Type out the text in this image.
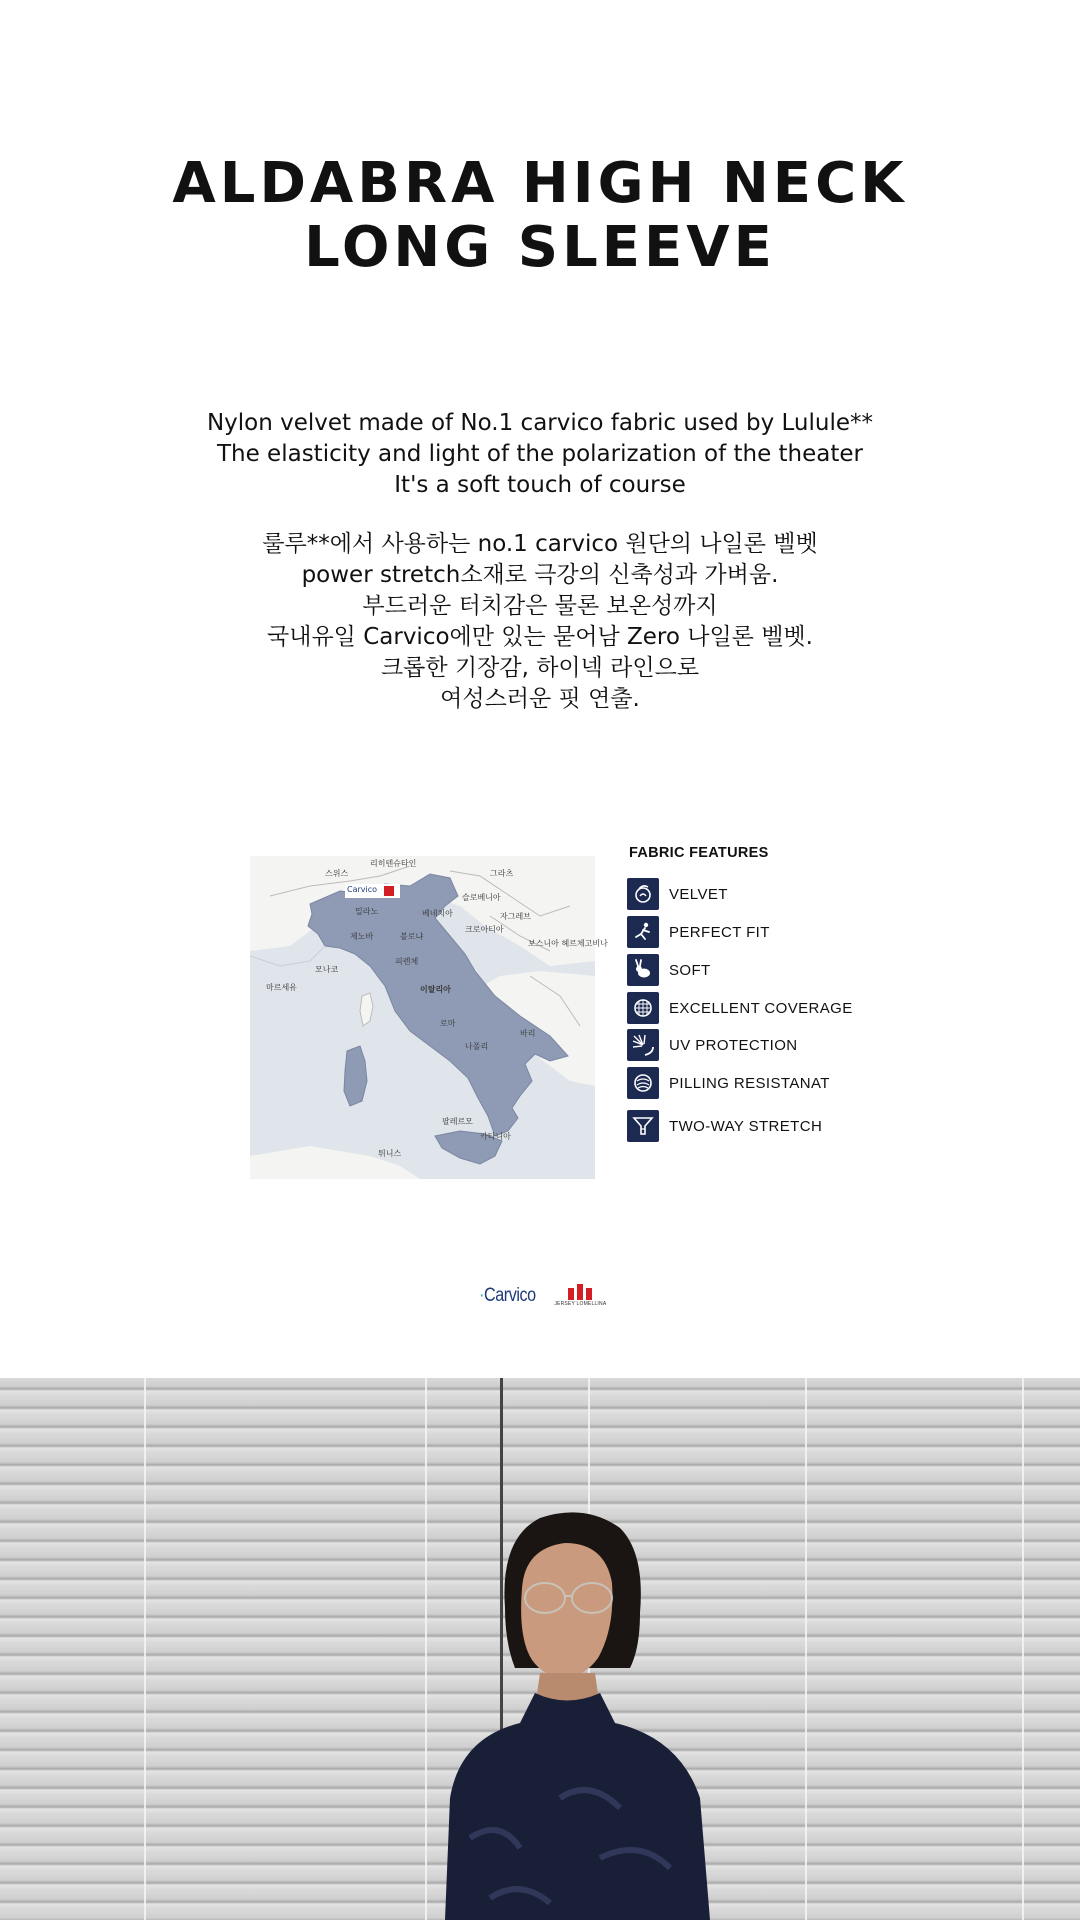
ALDABRA HIGH NECK
LONG SLEEVE
Nylon velvet made of No.1 carvico fabric used by Lulule**
The elasticity and light of the polarization of the theater
It's a soft touch of course
룰루**에서 사용하는 no.1 carvico 원단의 나일론 벨벳
power stretch소재로 극강의 신축성과 가벼움.
부드러운 터치감은 물론 보온성까지
국내유일 Carvico에만 있는 묻어남 Zero 나일론 벨벳.
크롭한 기장감, 하이넥 라인으로
여성스러운 핏 연출.
리히텐슈타인
스위스
Carvico
그라츠
슬로베니아
밀라노	베네치아	자그레브
크로아티아
제노바	볼로냐
보스니아 헤르체고비나
피렌체
모나코
마르세유	이탈리아
로마
바리
나폴리
팔레르모
카타니아
튀니스
FABRIC FEATURES
VELVET
PERFECT FIT
SOFT
EXCELLENT COVERAGE
UV PROTECTION
PILLING RESISTANAT
TWO-WAY STRETCH
·Carvico	JERSEY LOMELLINA
